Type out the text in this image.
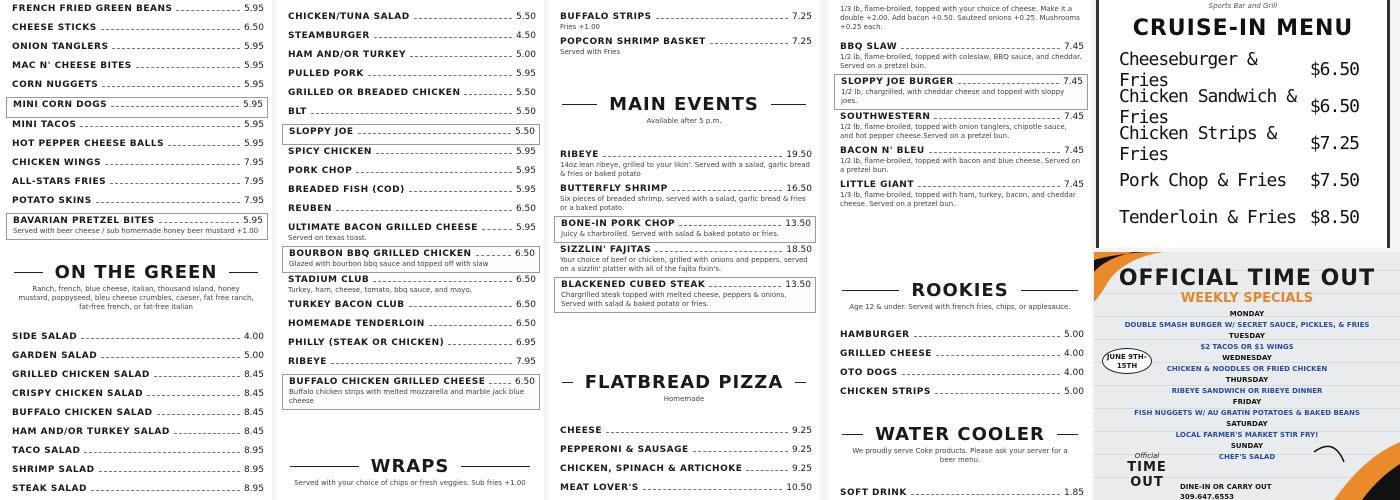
FRENCH FRIED GREEN BEANS	5.95
CHEESE STICKS	6.50
ONION TANGLERS	5.95
MAC N' CHEESE BITES	5.95
CORN NUGGETS	5.95
MINI CORN DOGS	5.95
MINI TACOS	5.95
HOT PEPPER CHEESE BALLS	5.95
CHICKEN WINGS	7.95
ALL-STARS FRIES	7.95
POTATO SKINS	7.95
BAVARIAN PRETZEL BITES	5.95
Served with beer cheese / sub homemade honey beer mustard +1.00
ON THE GREEN
Ranch, french, blue cheese, italian, thousand island, honey mustard, poppyseed, bleu cheese crumbles, caeser, fat free ranch, fat-free french, or fat-free italian
SIDE SALAD	4.00
GARDEN SALAD	5.00
GRILLED CHICKEN SALAD	8.45
CRISPY CHICKEN SALAD	8.45
BUFFALO CHICKEN SALAD	8.45
HAM AND/OR TURKEY SALAD	8.45
TACO SALAD	8.95
SHRIMP SALAD	8.95
STEAK SALAD	8.95
CHICKEN/TUNA SALAD	5.50
STEAMBURGER	4.50
HAM AND/OR TURKEY	5.00
PULLED PORK	5.95
GRILLED OR BREADED CHICKEN	5.50
BLT	5.50
SLOPPY JOE	5.50
SPICY CHICKEN	5.95
PORK CHOP	5.95
BREADED FISH (COD)	5.95
REUBEN	6.50
ULTIMATE BACON GRILLED CHEESE	5.95
Served on texas toast.
BOURBON BBQ GRILLED CHICKEN	6.50
Glazed with bourbon bbq sauce and topped off with slaw
STADIUM CLUB	6.50
Turkey, ham, cheese, tomato, bbq sauce, and mayo.
TURKEY BACON CLUB	6.50
HOMEMADE TENDERLOIN	6.50
PHILLY (STEAK OR CHICKEN)	6.95
RIBEYE	7.95
BUFFALO CHICKEN GRILLED CHEESE	6.50
Buffalo chicken strips with melted mozzarella and marble jack blue cheese
WRAPS
Served with your choice of chips or fresh veggies. Sub fries +1.00
BUFFALO STRIPS	7.25
Fries +1.00
POPCORN SHRIMP BASKET	7.25
Served with Fries
MAIN EVENTS
Available after 5 p.m.
RIBEYE	19.50
14oz lean ribeye, grilled to your likin'. Served with a salad, garlic bread & fries or baked potato
BUTTERFLY SHRIMP	16.50
Six pieces of breaded shrimp, served with a salad, garlic bread & fries or a baked potato.
BONE-IN PORK CHOP	13.50
Juicy & charbroiled. Served with salad & baked potato or fries.
SIZZLIN' FAJITAS	18.50
Your choice of beef or chicken, grilled with onions and peppers, served on a sizzlin' platter with all of the fajita fixin's.
BLACKENED CUBED STEAK	13.50
Chargrilled steak topped with melted cheese, peppers & onions. Served with salad & baked potato or fries.
FLATBREAD PIZZA
Homemade
CHEESE	9.25
PEPPERONI & SAUSAGE	9.25
CHICKEN, SPINACH & ARTICHOKE	9.25
MEAT LOVER'S	10.50
1/3 lb, flame-broiled, topped with your choice of cheese. Make it a double +2.00. Add bacon +0.50. Sauteed onions +0.25. Mushrooms +0.25 each.
BBQ SLAW	7.45
1/2 lb, flame-broiled, topped with coleslaw, BBQ sauce, and cheddar. Served on a pretzel bun.
SLOPPY JOE BURGER	7.45
1/2 lb, chargrilled, with cheddar cheese and topped with sloppy joes.
SOUTHWESTERN	7.45
1/2 lb, flame-broiled, topped with onion tanglers, chipotle sauce, and hot pepper cheese.Served on a pretzel bun.
BACON N' BLEU	7.45
1/2 lb, flame-broiled, topped with bacon and blue cheese. Served on a pretzel bun.
LITTLE GIANT	7.45
1/3 lb, flame-broiled, topped with ham, turkey, bacon, and cheddar cheese. Served on a pretzel bun.
ROOKIES
Age 12 & under. Served with french fries, chips, or applesauce.
HAMBURGER	5.00
GRILLED CHEESE	4.00
OTO DOGS	4.00
CHICKEN STRIPS	5.00
WATER COOLER
We proudly serve Coke products. Please ask your server for a beer menu.
SOFT DRINK	1.85
Sports Bar and Grill
CRUISE-IN MENU
Cheeseburger & Fries	$6.50
Chicken Sandwich & Fries	$6.50
Chicken Strips & Fries	$7.25
Pork Chop & Fries $7.50
Tenderloin & Fries $8.50
OFFICIAL TIME OUT
WEEKLY SPECIALS
MONDAY
DOUBLE SMASH BURGER W/ SECRET SAUCE, PICKLES, & FRIES
TUESDAY
$2 TACOS OR $1 WINGS
WEDNESDAY
CHICKEN & NOODLES OR FRIED CHICKEN
THURSDAY
RIBEYE SANDWICH OR RIBEYE DINNER
FRIDAY
FISH NUGGETS W/ AU GRATIN POTATOES & BAKED BEANS
SATURDAY
LOCAL FARMER'S MARKET STIR FRY!
SUNDAY
CHEF'S SALAD
JUNE 9TH–15TH
Official
TIME OUT	DINE-IN OR CARRY OUT
309.647.6553
